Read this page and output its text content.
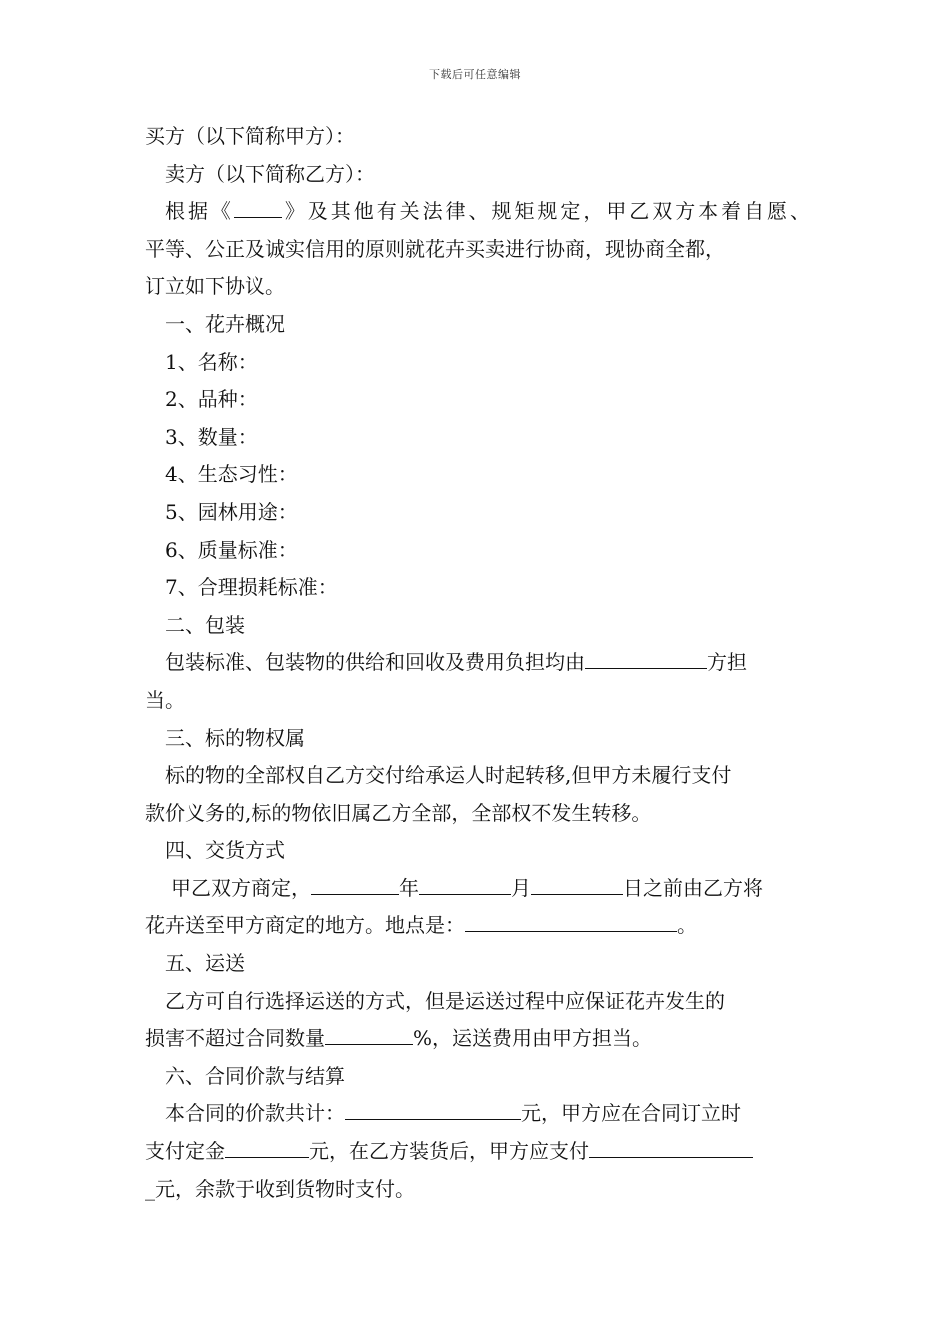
下载后可任意编辑
买方（以下简称甲方）：
卖方（以下简称乙方）：
根据《 》及其他有关法律、规矩规定，甲乙双方本着自愿、
平等、公正及诚实信用的原则就花卉买卖进行协商，现协商全都，
订立如下协议。
一、花卉概况
1、名称：
2、品种：
3、数量：
4、生态习性：
5、园林用途：
6、质量标准：
7、合理损耗标准：
二、包装
包装标准、包装物的供给和回收及费用负担均由	方担
当。
三、标的物权属
标的物的全部权自乙方交付给承运人时起转移,但甲方未履行支付
款价义务的,标的物依旧属乙方全部，全部权不发生转移。
四、交货方式
甲乙双方商定，	年	月	日之前由乙方将
花卉送至甲方商定的地方。地点是：	。
五、运送
乙方可自行选择运送的方式，但是运送过程中应保证花卉发生的
损害不超过合同数量	%，运送费用由甲方担当。
六、合同价款与结算
本合同的价款共计：	元，甲方应在合同订立时
支付定金	元，在乙方装货后，甲方应支付
_元，余款于收到货物时支付。
